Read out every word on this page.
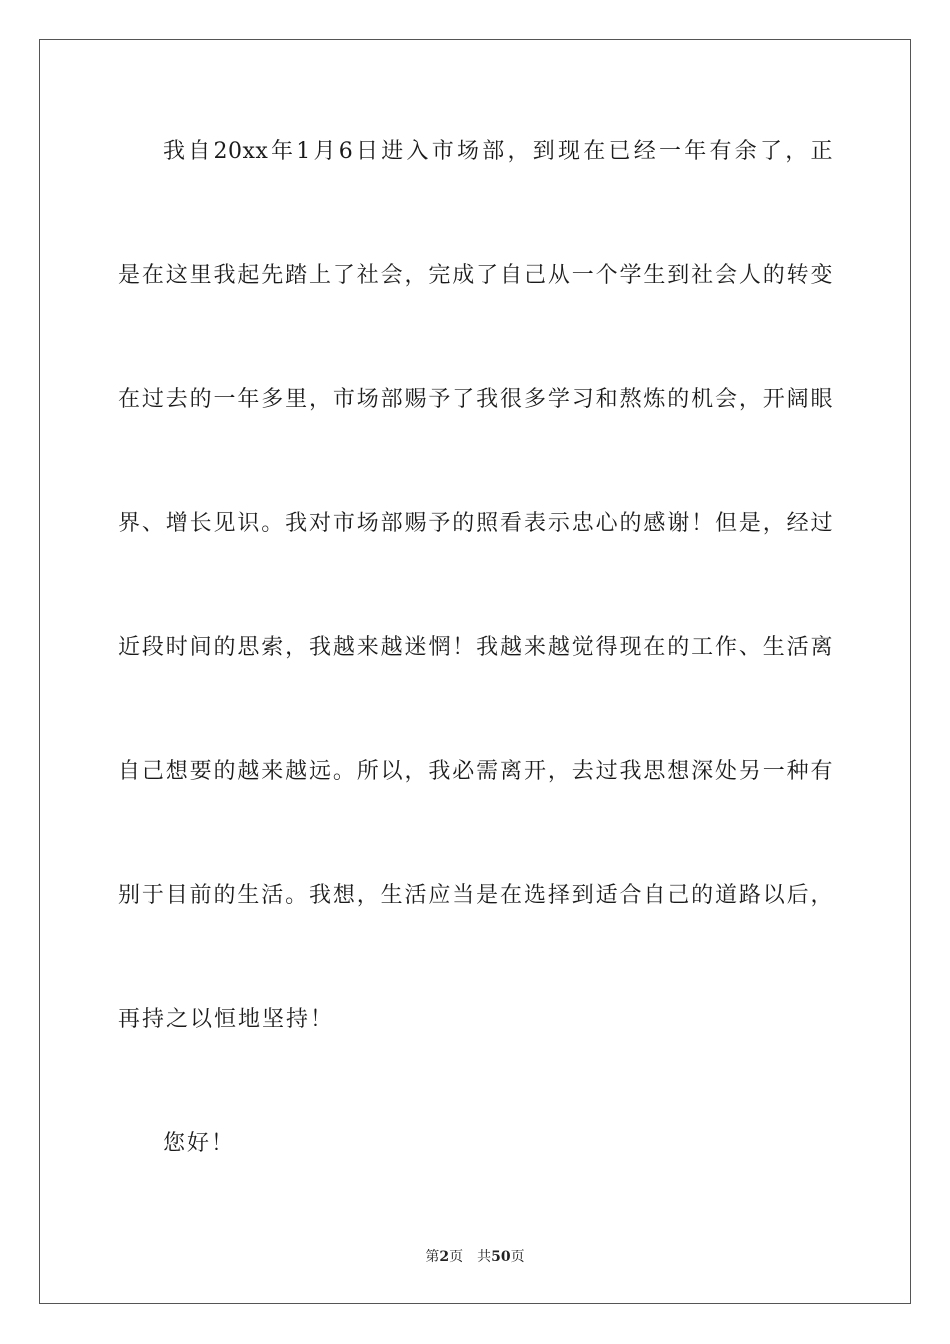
我自20xx年1月6日进入市场部，到现在已经一年有余了，正
是在这里我起先踏上了社会，完成了自己从一个学生到社会人的转变
在过去的一年多里，市场部赐予了我很多学习和熬炼的机会，开阔眼
界、增长见识。我对市场部赐予的照看表示忠心的感谢！但是，经过
近段时间的思索，我越来越迷惘！我越来越觉得现在的工作、生活离
自己想要的越来越远。所以，我必需离开，去过我思想深处另一种有
别于目前的生活。我想，生活应当是在选择到适合自己的道路以后，
再持之以恒地坚持！
您好！
第2页 共50页
